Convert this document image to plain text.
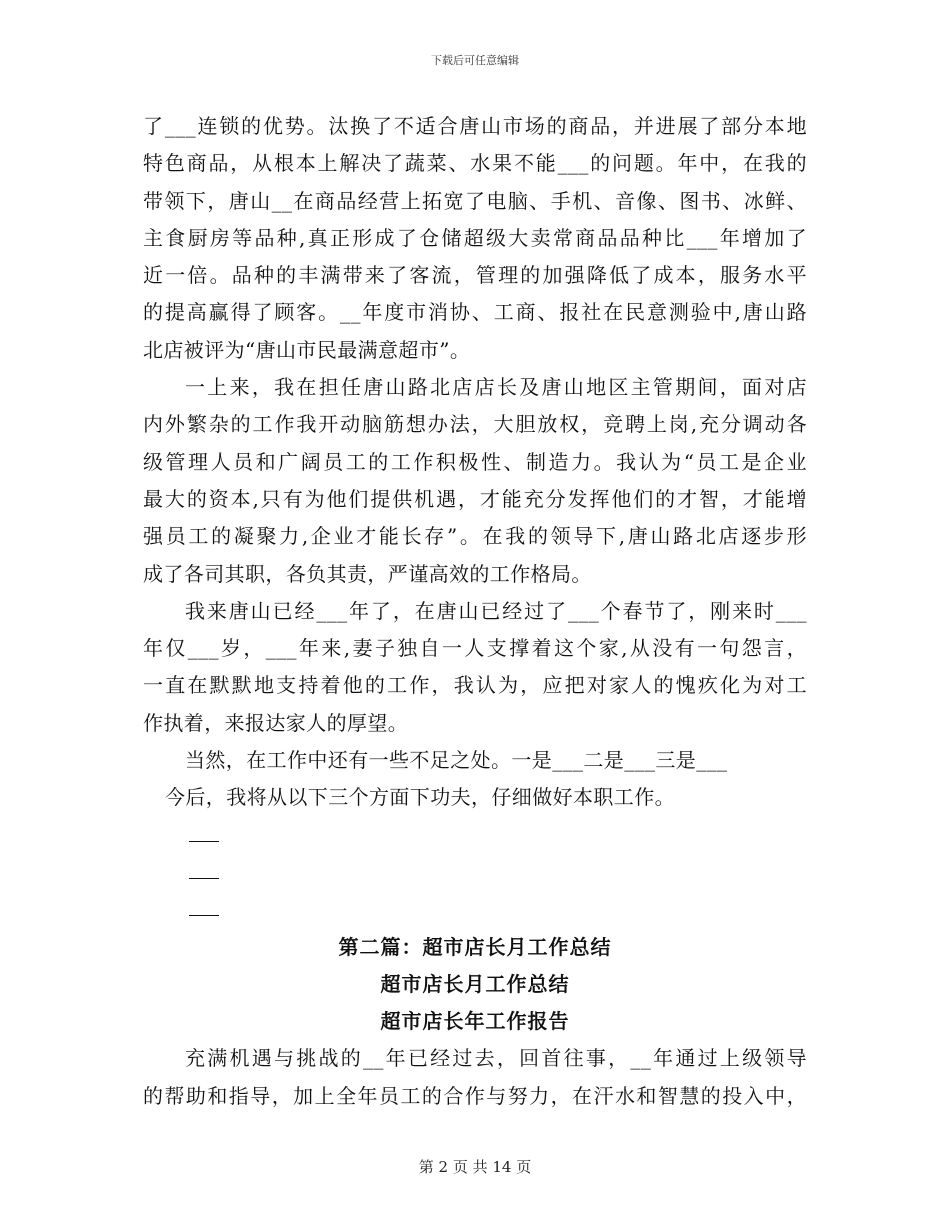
下载后可任意编辑
了___连锁的优势。汰换了不适合唐山市场的商品，并进展了部分本地
特色商品，从根本上解决了蔬菜、水果不能___的问题。年中，在我的
带领下，唐山__在商品经营上拓宽了电脑、手机、音像、图书、冰鲜、
主食厨房等品种,真正形成了仓储超级大卖常商品品种比___年增加了
近一倍。品种的丰满带来了客流，管理的加强降低了成本，服务水平
的提高赢得了顾客。__年度市消协、工商、报社在民意测验中,唐山路
北店被评为“唐山市民最满意超市”。
一上来，我在担任唐山路北店店长及唐山地区主管期间，面对店
内外繁杂的工作我开动脑筋想办法，大胆放权，竞聘上岗,充分调动各
级管理人员和广阔员工的工作积极性、制造力。我认为“员工是企业
最大的资本,只有为他们提供机遇，才能充分发挥他们的才智，才能增
强员工的凝聚力,企业才能长存”。在我的领导下,唐山路北店逐步形
成了各司其职，各负其责，严谨高效的工作格局。
我来唐山已经___年了，在唐山已经过了___个春节了，刚来时___
年仅___岁，___年来,妻子独自一人支撑着这个家,从没有一句怨言，
一直在默默地支持着他的工作，我认为，应把对家人的愧疚化为对工
作执着，来报达家人的厚望。
当然，在工作中还有一些不足之处。一是___二是___三是___
今后，我将从以下三个方面下功夫，仔细做好本职工作。
第二篇：超市店长月工作总结
超市店长月工作总结
超市店长年工作报告
充满机遇与挑战的__年已经过去，回首往事，__年通过上级领导
的帮助和指导，加上全年员工的合作与努力，在汗水和智慧的投入中，
第 2 页 共 14 页
